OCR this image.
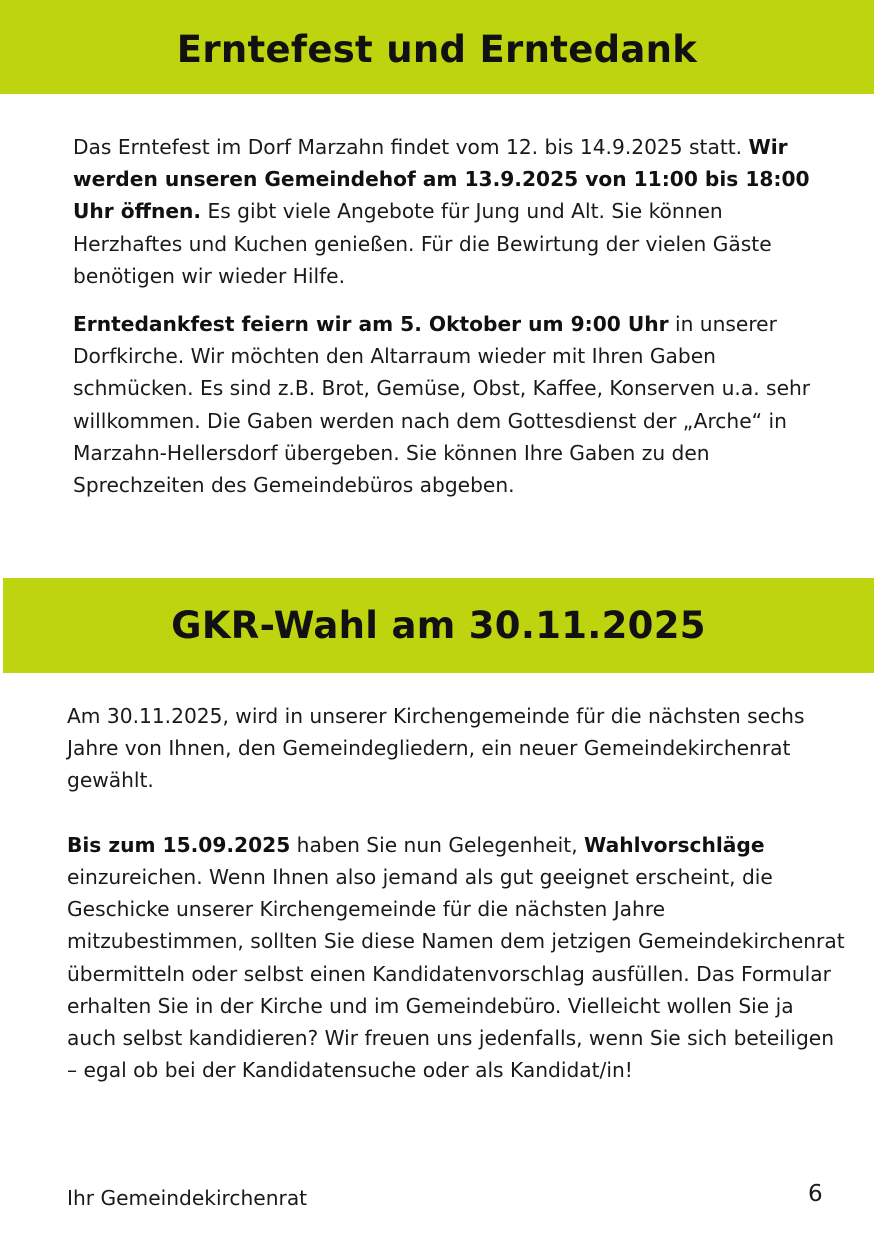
Erntefest und Erntedank

Das Erntefest im Dorf Marzahn findet vom 12. bis 14.9.2025 statt. Wir werden unseren Gemeindehof am 13.9.2025 von 11:00 bis 18:00 Uhr öffnen. Es gibt viele Angebote für Jung und Alt. Sie können Herzhaftes und Kuchen genießen. Für die Bewirtung der vielen Gäste benötigen wir wieder Hilfe.

Erntedankfest feiern wir am 5. Oktober um 9:00 Uhr in unserer Dorfkirche. Wir möchten den Altarraum wieder mit Ihren Gaben schmücken. Es sind z.B. Brot, Gemüse, Obst, Kaffee, Konserven u.a. sehr willkommen. Die Gaben werden nach dem Gottesdienst der „Arche“ in Marzahn-Hellersdorf übergeben. Sie können Ihre Gaben zu den Sprechzeiten des Gemeindebüros abgeben.

GKR-Wahl am 30.11.2025

Am 30.11.2025, wird in unserer Kirchengemeinde für die nächsten sechs Jahre von Ihnen, den Gemeindegliedern, ein neuer Gemeindekirchenrat gewählt.

Bis zum 15.09.2025 haben Sie nun Gelegenheit, Wahlvorschläge einzureichen. Wenn Ihnen also jemand als gut geeignet erscheint, die Geschicke unserer Kirchengemeinde für die nächsten Jahre mitzubestimmen, sollten Sie diese Namen dem jetzigen Gemeindekirchenrat übermitteln oder selbst einen Kandidatenvorschlag ausfüllen. Das Formular erhalten Sie in der Kirche und im Gemeindebüro. Vielleicht wollen Sie ja auch selbst kandidieren? Wir freuen uns jedenfalls, wenn Sie sich beteiligen – egal ob bei der Kandidatensuche oder als Kandidat/in!

Ihr Gemeindekirchenrat	6
